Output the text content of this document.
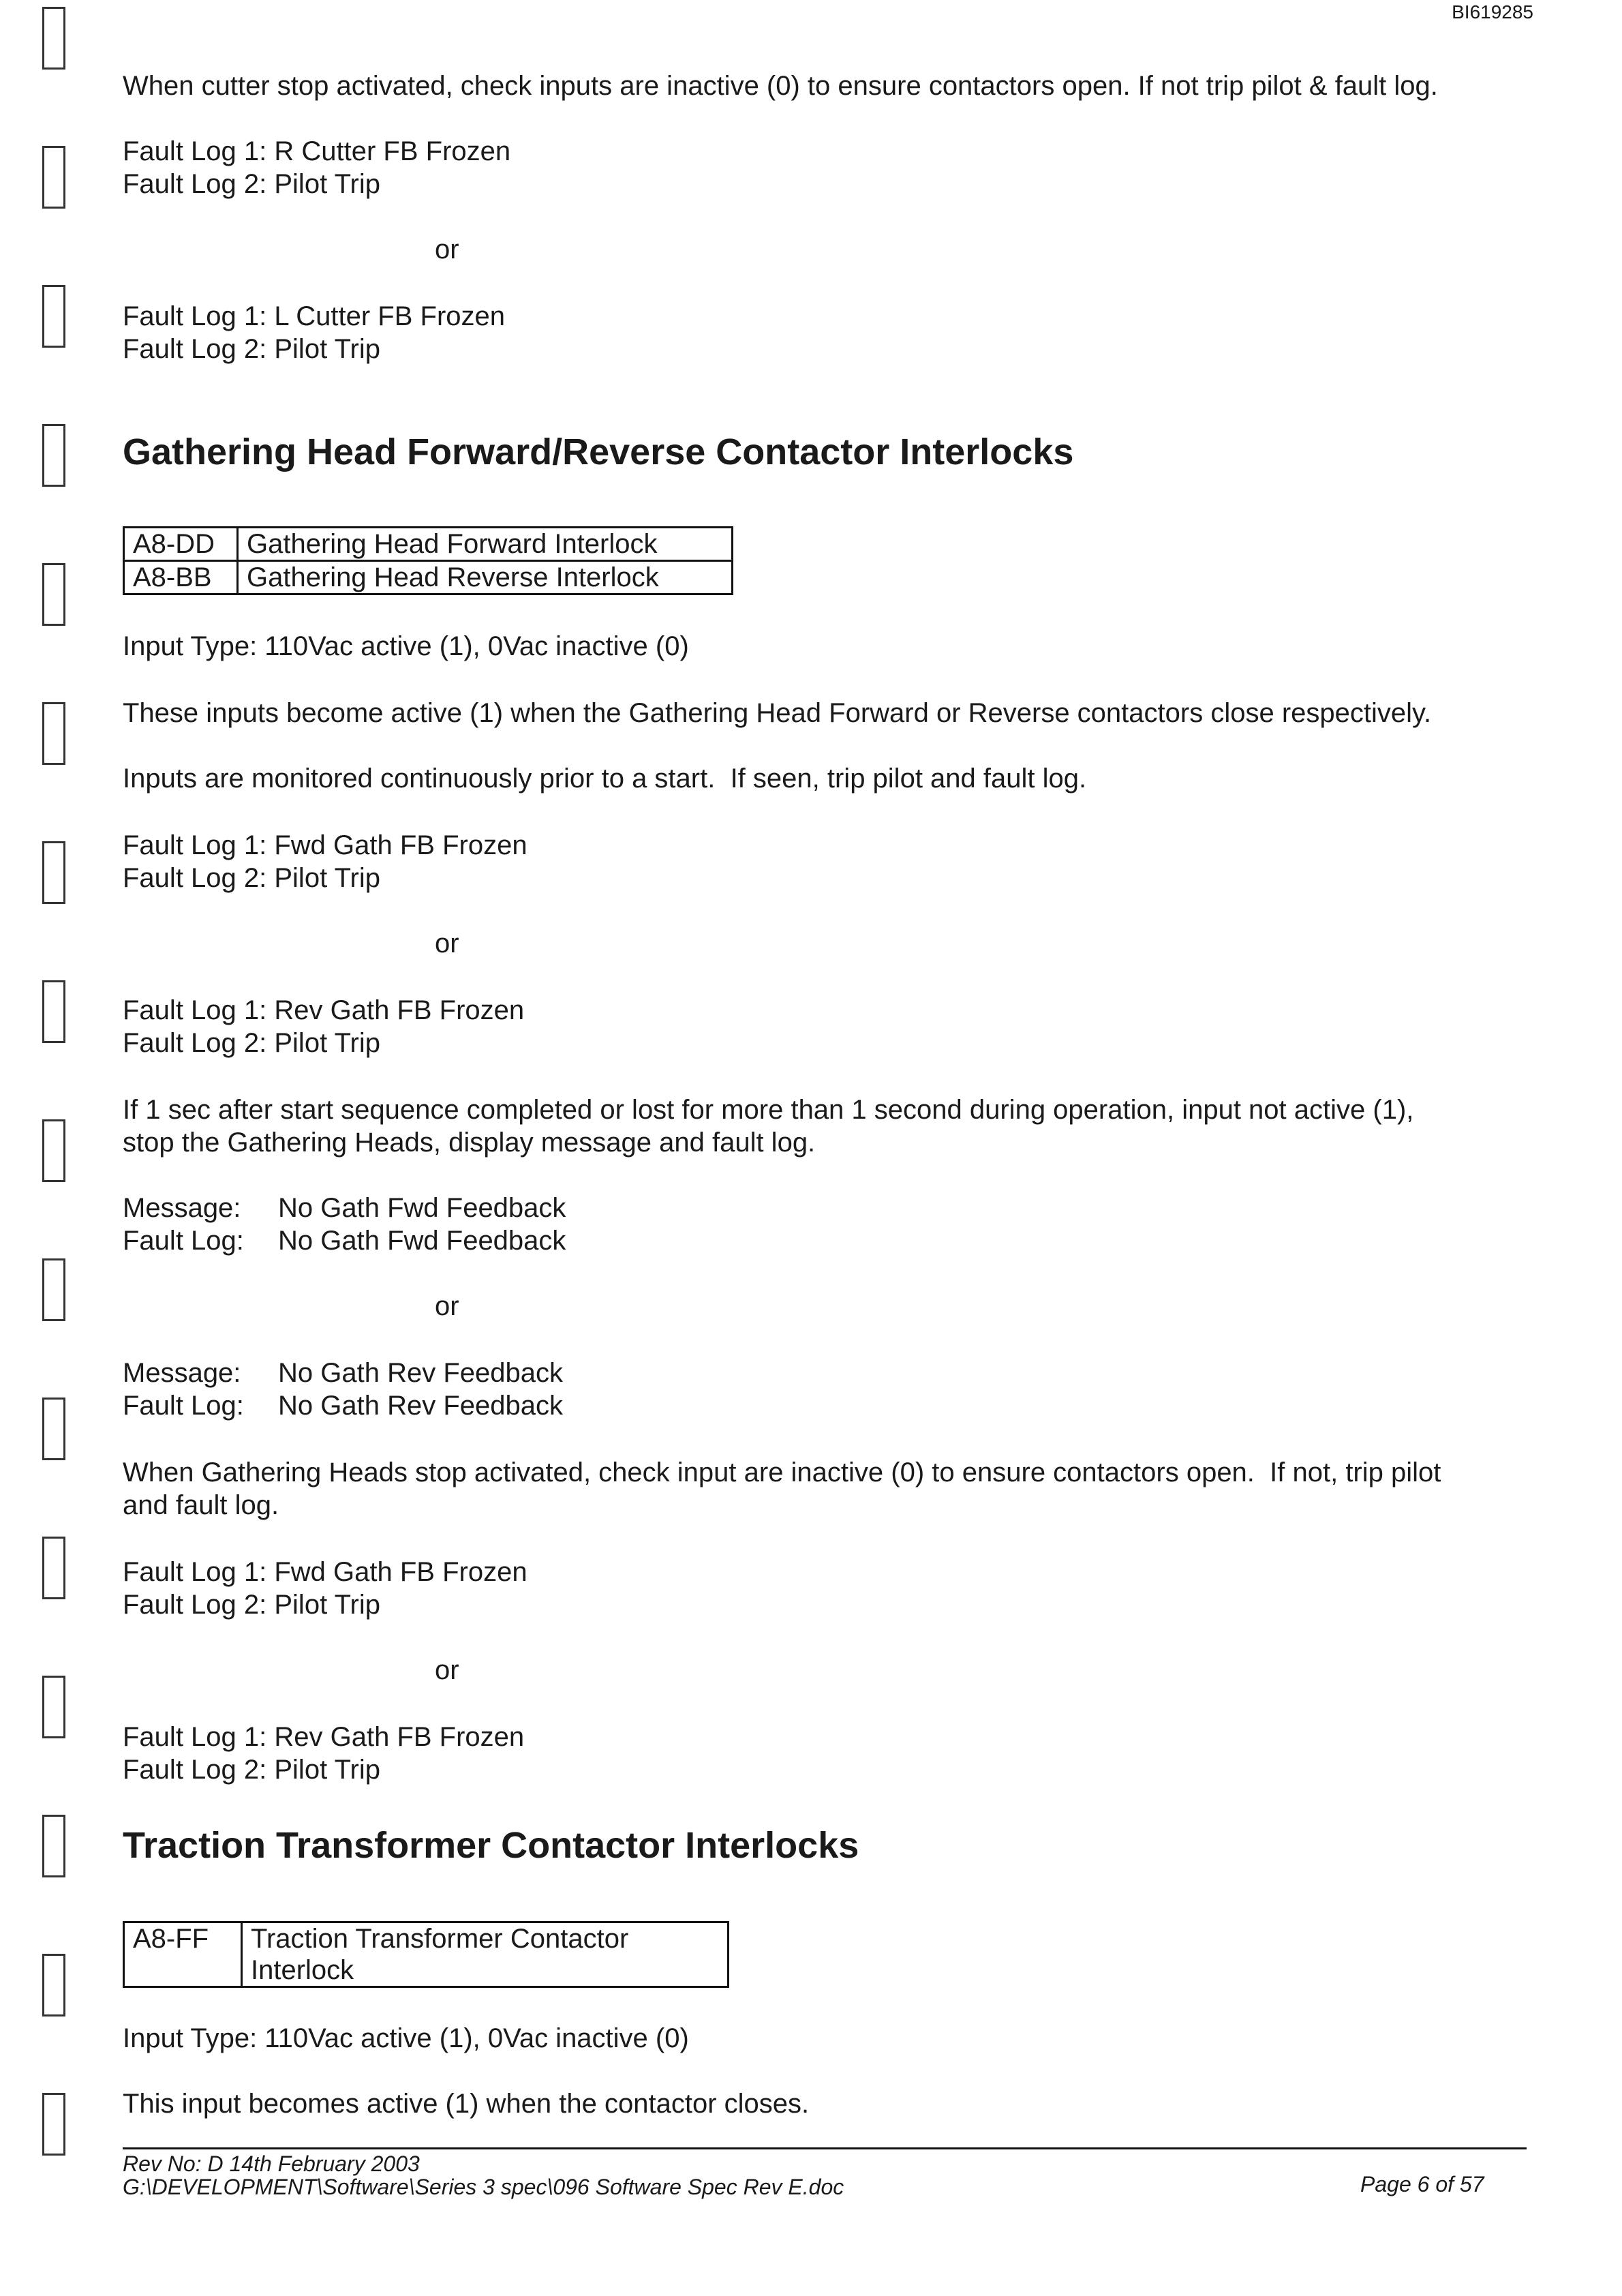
BI619285
When cutter stop activated, check inputs are inactive (0) to ensure contactors open. If not trip pilot & fault log.
Fault Log 1: R Cutter FB Frozen
Fault Log 2: Pilot Trip
or
Fault Log 1: L Cutter FB Frozen
Fault Log 2: Pilot Trip
Gathering Head Forward/Reverse Contactor Interlocks
A8-DD	Gathering Head Forward Interlock
A8-BB	Gathering Head Reverse Interlock
Input Type: 110Vac active (1), 0Vac inactive (0)
These inputs become active (1) when the Gathering Head Forward or Reverse contactors close respectively.
Inputs are monitored continuously prior to a start.  If seen, trip pilot and fault log.
Fault Log 1: Fwd Gath FB Frozen
Fault Log 2: Pilot Trip
or
Fault Log 1: Rev Gath FB Frozen
Fault Log 2: Pilot Trip
If 1 sec after start sequence completed or lost for more than 1 second during operation, input not active (1),
stop the Gathering Heads, display message and fault log.
Message: No Gath Fwd Feedback
Fault Log: No Gath Fwd Feedback
or
Message: No Gath Rev Feedback
Fault Log: No Gath Rev Feedback
When Gathering Heads stop activated, check input are inactive (0) to ensure contactors open.  If not, trip pilot
and fault log.
Fault Log 1: Fwd Gath FB Frozen
Fault Log 2: Pilot Trip
or
Fault Log 1: Rev Gath FB Frozen
Fault Log 2: Pilot Trip
Traction Transformer Contactor Interlocks
A8-FF	Traction Transformer Contactor
Interlock
Input Type: 110Vac active (1), 0Vac inactive (0)
This input becomes active (1) when the contactor closes.
Rev No: D 14th February 2003
G:\DEVELOPMENT\Software\Series 3 spec\096 Software Spec Rev E.doc	Page 6 of 57
